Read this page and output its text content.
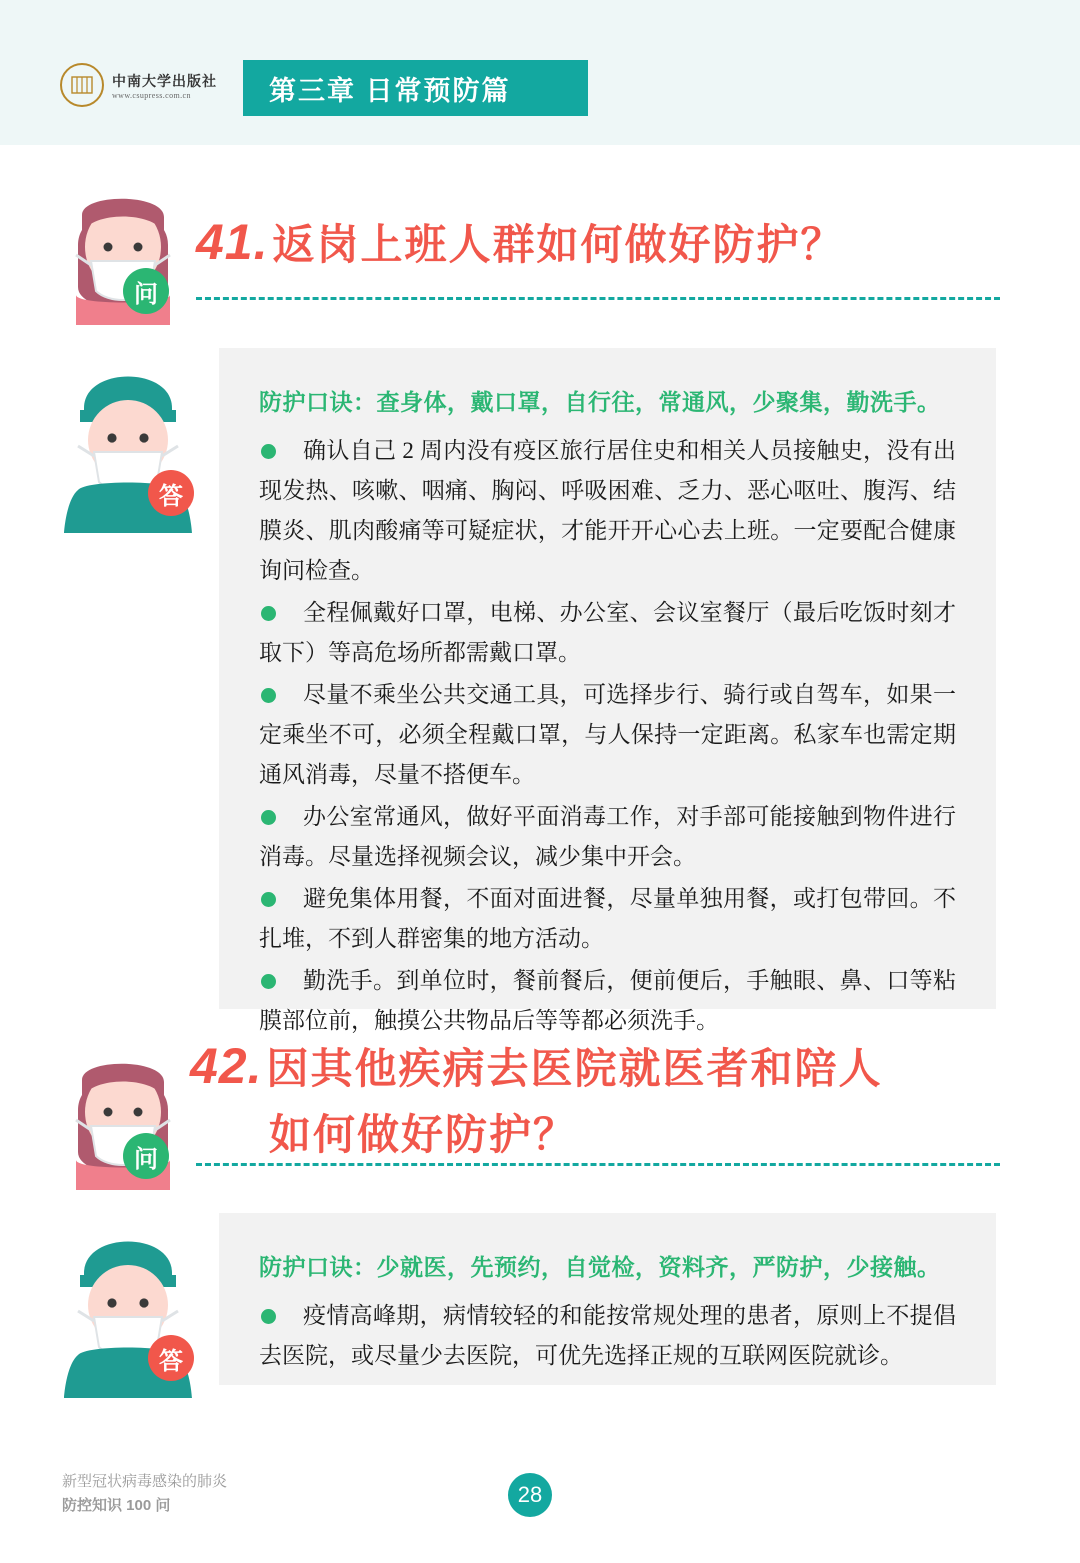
中南大学出版社
www.csupress.com.cn	第三章 日常预防篇
问
41. 返岗上班人群如何做好防护？
答
防护口诀：查身体，戴口罩，自行往，常通风，少聚集，勤洗手。
确认自己 2 周内没有疫区旅行居住史和相关人员接触史，没有出现发热、咳嗽、咽痛、胸闷、呼吸困难、乏力、恶心呕吐、腹泻、结膜炎、肌肉酸痛等可疑症状，才能开开心心去上班。一定要配合健康询问检查。
全程佩戴好口罩，电梯、办公室、会议室餐厅（最后吃饭时刻才取下）等高危场所都需戴口罩。
尽量不乘坐公共交通工具，可选择步行、骑行或自驾车，如果一定乘坐不可，必须全程戴口罩，与人保持一定距离。私家车也需定期通风消毒，尽量不搭便车。
办公室常通风，做好平面消毒工作，对手部可能接触到物件进行消毒。尽量选择视频会议，减少集中开会。
避免集体用餐，不面对面进餐，尽量单独用餐，或打包带回。不扎堆，不到人群密集的地方活动。
勤洗手。到单位时，餐前餐后，便前便后，手触眼、鼻、口等粘膜部位前，触摸公共物品后等等都必须洗手。
问
42. 因其他疾病去医院就医者和陪人
如何做好防护？
答
防护口诀：少就医，先预约，自觉检，资料齐，严防护，少接触。
疫情高峰期，病情较轻的和能按常规处理的患者，原则上不提倡去医院，或尽量少去医院，可优先选择正规的互联网医院就诊。
新型冠状病毒感染的肺炎
防控知识 100 问	28
